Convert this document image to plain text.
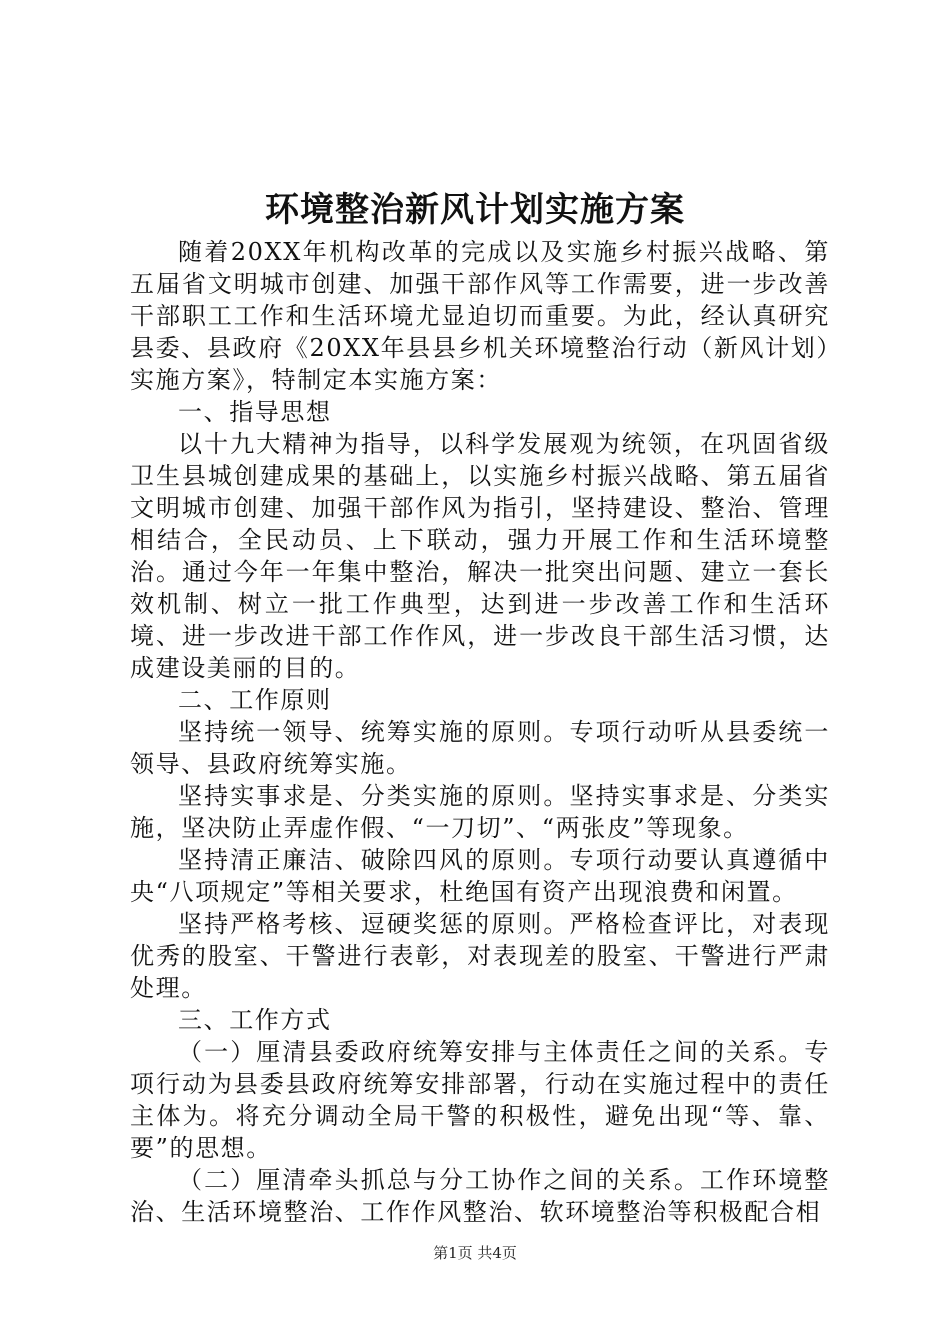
环境整治新风计划实施方案

随着20XX年机构改革的完成以及实施乡村振兴战略、第五届省文明城市创建、加强干部作风等工作需要，进一步改善干部职工工作和生活环境尤显迫切而重要。为此，经认真研究县委、县政府《20XX年县县乡机关环境整治行动（新风计划）实施方案》，特制定本实施方案：

一、指导思想

以十九大精神为指导，以科学发展观为统领，在巩固省级卫生县城创建成果的基础上，以实施乡村振兴战略、第五届省文明城市创建、加强干部作风为指引，坚持建设、整治、管理相结合，全民动员、上下联动，强力开展工作和生活环境整治。通过今年一年集中整治，解决一批突出问题、建立一套长效机制、树立一批工作典型，达到进一步改善工作和生活环境、进一步改进干部工作作风，进一步改良干部生活习惯，达成建设美丽的目的。

二、工作原则

坚持统一领导、统筹实施的原则。专项行动听从县委统一领导、县政府统筹实施。

坚持实事求是、分类实施的原则。坚持实事求是、分类实施，坚决防止弄虚作假、“一刀切”、“两张皮”等现象。

坚持清正廉洁、破除四风的原则。专项行动要认真遵循中央“八项规定”等相关要求，杜绝国有资产出现浪费和闲置。

坚持严格考核、逗硬奖惩的原则。严格检查评比，对表现优秀的股室、干警进行表彰，对表现差的股室、干警进行严肃处理。

三、工作方式

（一）厘清县委政府统筹安排与主体责任之间的关系。专项行动为县委县政府统筹安排部署，行动在实施过程中的责任主体为。将充分调动全局干警的积极性，避免出现“等、靠、要”的思想。

（二）厘清牵头抓总与分工协作之间的关系。工作环境整治、生活环境整治、工作作风整治、软环境整治等积极配合相

第1页 共4页
